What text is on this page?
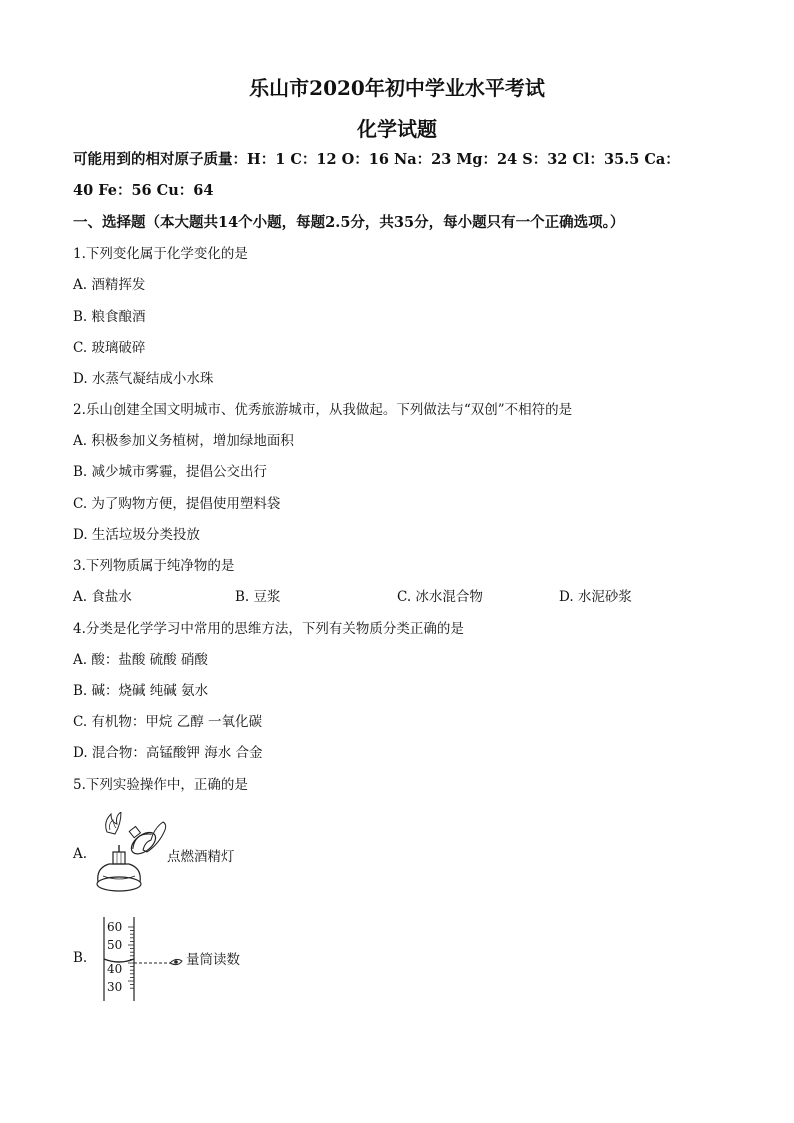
乐山市2020年初中学业水平考试
化学试题
可能用到的相对原子质量：H：1 C：12 O：16 Na：23 Mg：24 S：32 Cl：35.5 Ca：
40 Fe：56 Cu：64
一、选择题（本大题共14个小题，每题2.5分，共35分，每小题只有一个正确选项。）
1.下列变化属于化学变化的是
A. 酒精挥发
B. 粮食酿酒
C. 玻璃破碎
D. 水蒸气凝结成小水珠
2.乐山创建全国文明城市、优秀旅游城市，从我做起。下列做法与“双创”不相符的是
A. 积极参加义务植树，增加绿地面积
B. 减少城市雾霾，提倡公交出行
C. 为了购物方便，提倡使用塑料袋
D. 生活垃圾分类投放
3.下列物质属于纯净物的是
A. 食盐水	B. 豆浆	C. 冰水混合物	D. 水泥砂浆
4.分类是化学学习中常用的思维方法，下列有关物质分类正确的是
A. 酸：盐酸 硫酸 硝酸
B. 碱：烧碱 纯碱 氨水
C. 有机物：甲烷 乙醇 一氧化碳
D. 混合物：高锰酸钾 海水 合金
5.下列实验操作中，正确的是
A.	点燃酒精灯
B.
60
50
40
30
量筒读数
